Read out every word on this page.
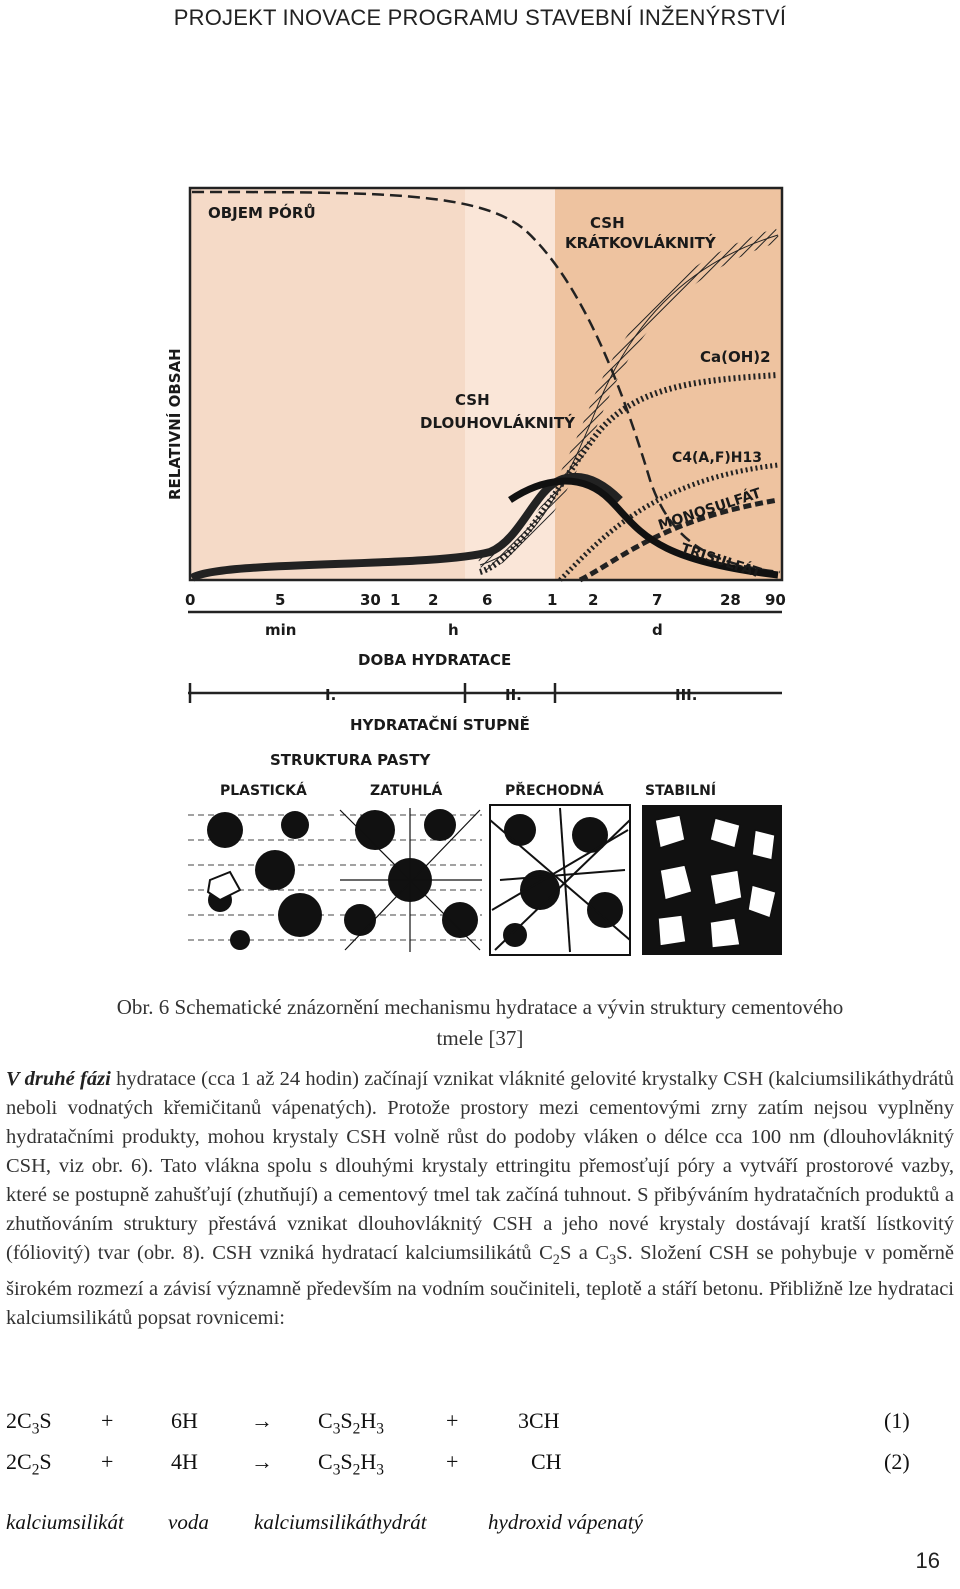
PROJEKT INOVACE PROGRAMU STAVEBNÍ INŽENÝRSTVÍ
OBJEM PÓRŮ
CSH
KRÁTKOVLÁKNITÝ
CSH
DLOUHOVLÁKNITÝ
Ca(OH)2
C4(A,F)H13
MONOSULFÁT
TRISULFÁT
RELATIVNÍ OBSAH
0	5	30 1 2	6	1 2	7	28 90
min	h	d
DOBA HYDRATACE
I.	II.	III.
HYDRATAČNÍ STUPNĚ
STRUKTURA PASTY
PLASTICKÁ	ZATUHLÁ	PŘECHODNÁ	STABILNÍ
Obr. 6 Schematické znázornění mechanismu hydratace a vývin struktury cementového
tmele [37]
V druhé fázi hydratace (cca 1 až 24 hodin) začínají vznikat vláknité gelovité krystalky CSH (kalciumsilikáthydrátů neboli vodnatých křemičitanů vápenatých). Protože prostory mezi cementovými zrny zatím nejsou vyplněny hydratačními produkty, mohou krystaly CSH volně růst do podoby vláken o délce cca 100 nm (dlouhovláknitý CSH, viz obr. 6). Tato vlákna spolu s dlouhými krystaly ettringitu přemosťují póry a vytváří prostorové vazby, které se postupně zahušťují (zhutňují) a cementový tmel tak začíná tuhnout. S přibýváním hydratačních produktů a zhutňováním struktury přestává vznikat dlouhovláknitý CSH a jeho nové krystaly dostávají kratší lístkovitý (fóliovitý) tvar (obr. 8). CSH vzniká hydratací kalciumsilikátů $C_2S$ a $C_3S$. Složení CSH se pohybuje v poměrně širokém rozmezí a závisí významně především na vodním součiniteli, teplotě a stáří betonu. Přibližně lze hydrataci kalciumsilikátů popsat rovnicemi:
$2C_3S$ +	$6H \to C_3S_2H_3$	+	3CH	(1)
$2C_2S$ +	$4H \to C_3S_2H_3$	+	CH	(2)
kalciumsilikát voda kalciumsilikáthydrát	hydroxid vápenatý
16
